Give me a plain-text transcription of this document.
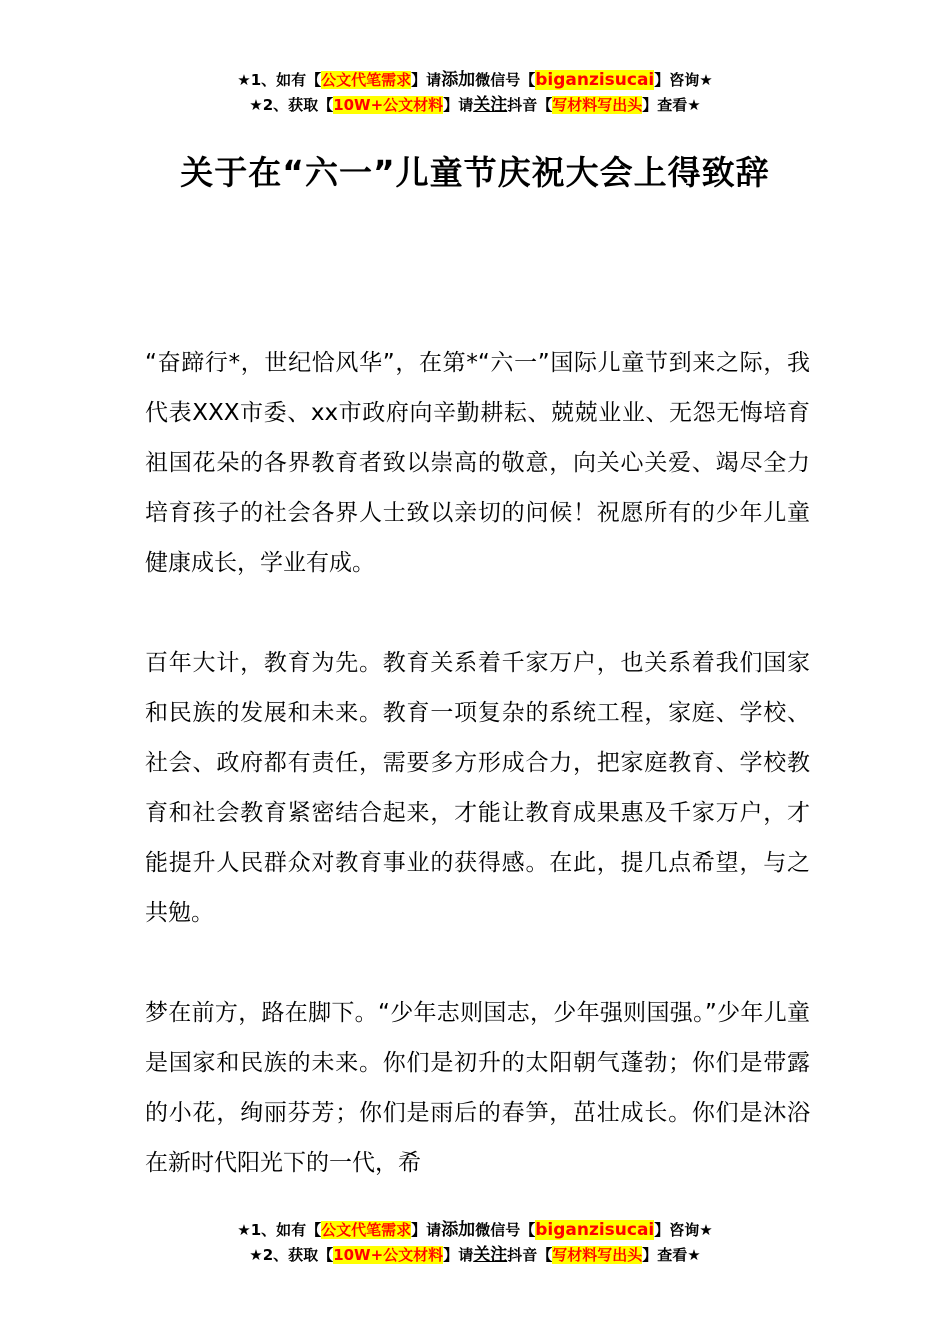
★1、如有【公文代笔需求】请添加微信号【biganzisucai】咨询★
★2、获取【10W+公文材料】请关注抖音【写材料写出头】查看★
关于在“六一”儿童节庆祝大会上得致辞

“奋蹄行*，世纪恰风华”，在第*“六一”国际儿童节到来之际，我代表XXX市委、xx市政府向辛勤耕耘、兢兢业业、无怨无悔培育祖国花朵的各界教育者致以崇高的敬意，向关心关爱、竭尽全力培育孩子的社会各界人士致以亲切的问候！祝愿所有的少年儿童健康成长，学业有成。

百年大计，教育为先。教育关系着千家万户，也关系着我们国家和民族的发展和未来。教育一项复杂的系统工程，家庭、学校、社会、政府都有责任，需要多方形成合力，把家庭教育、学校教育和社会教育紧密结合起来，才能让教育成果惠及千家万户，才能提升人民群众对教育事业的获得感。在此，提几点希望，与之共勉。

梦在前方，路在脚下。“少年志则国志，少年强则国强。”少年儿童是国家和民族的未来。你们是初升的太阳朝气蓬勃；你们是带露的小花，绚丽芬芳；你们是雨后的春笋，茁壮成长。你们是沐浴在新时代阳光下的一代，希

★1、如有【公文代笔需求】请添加微信号【biganzisucai】咨询★
★2、获取【10W+公文材料】请关注抖音【写材料写出头】查看★
